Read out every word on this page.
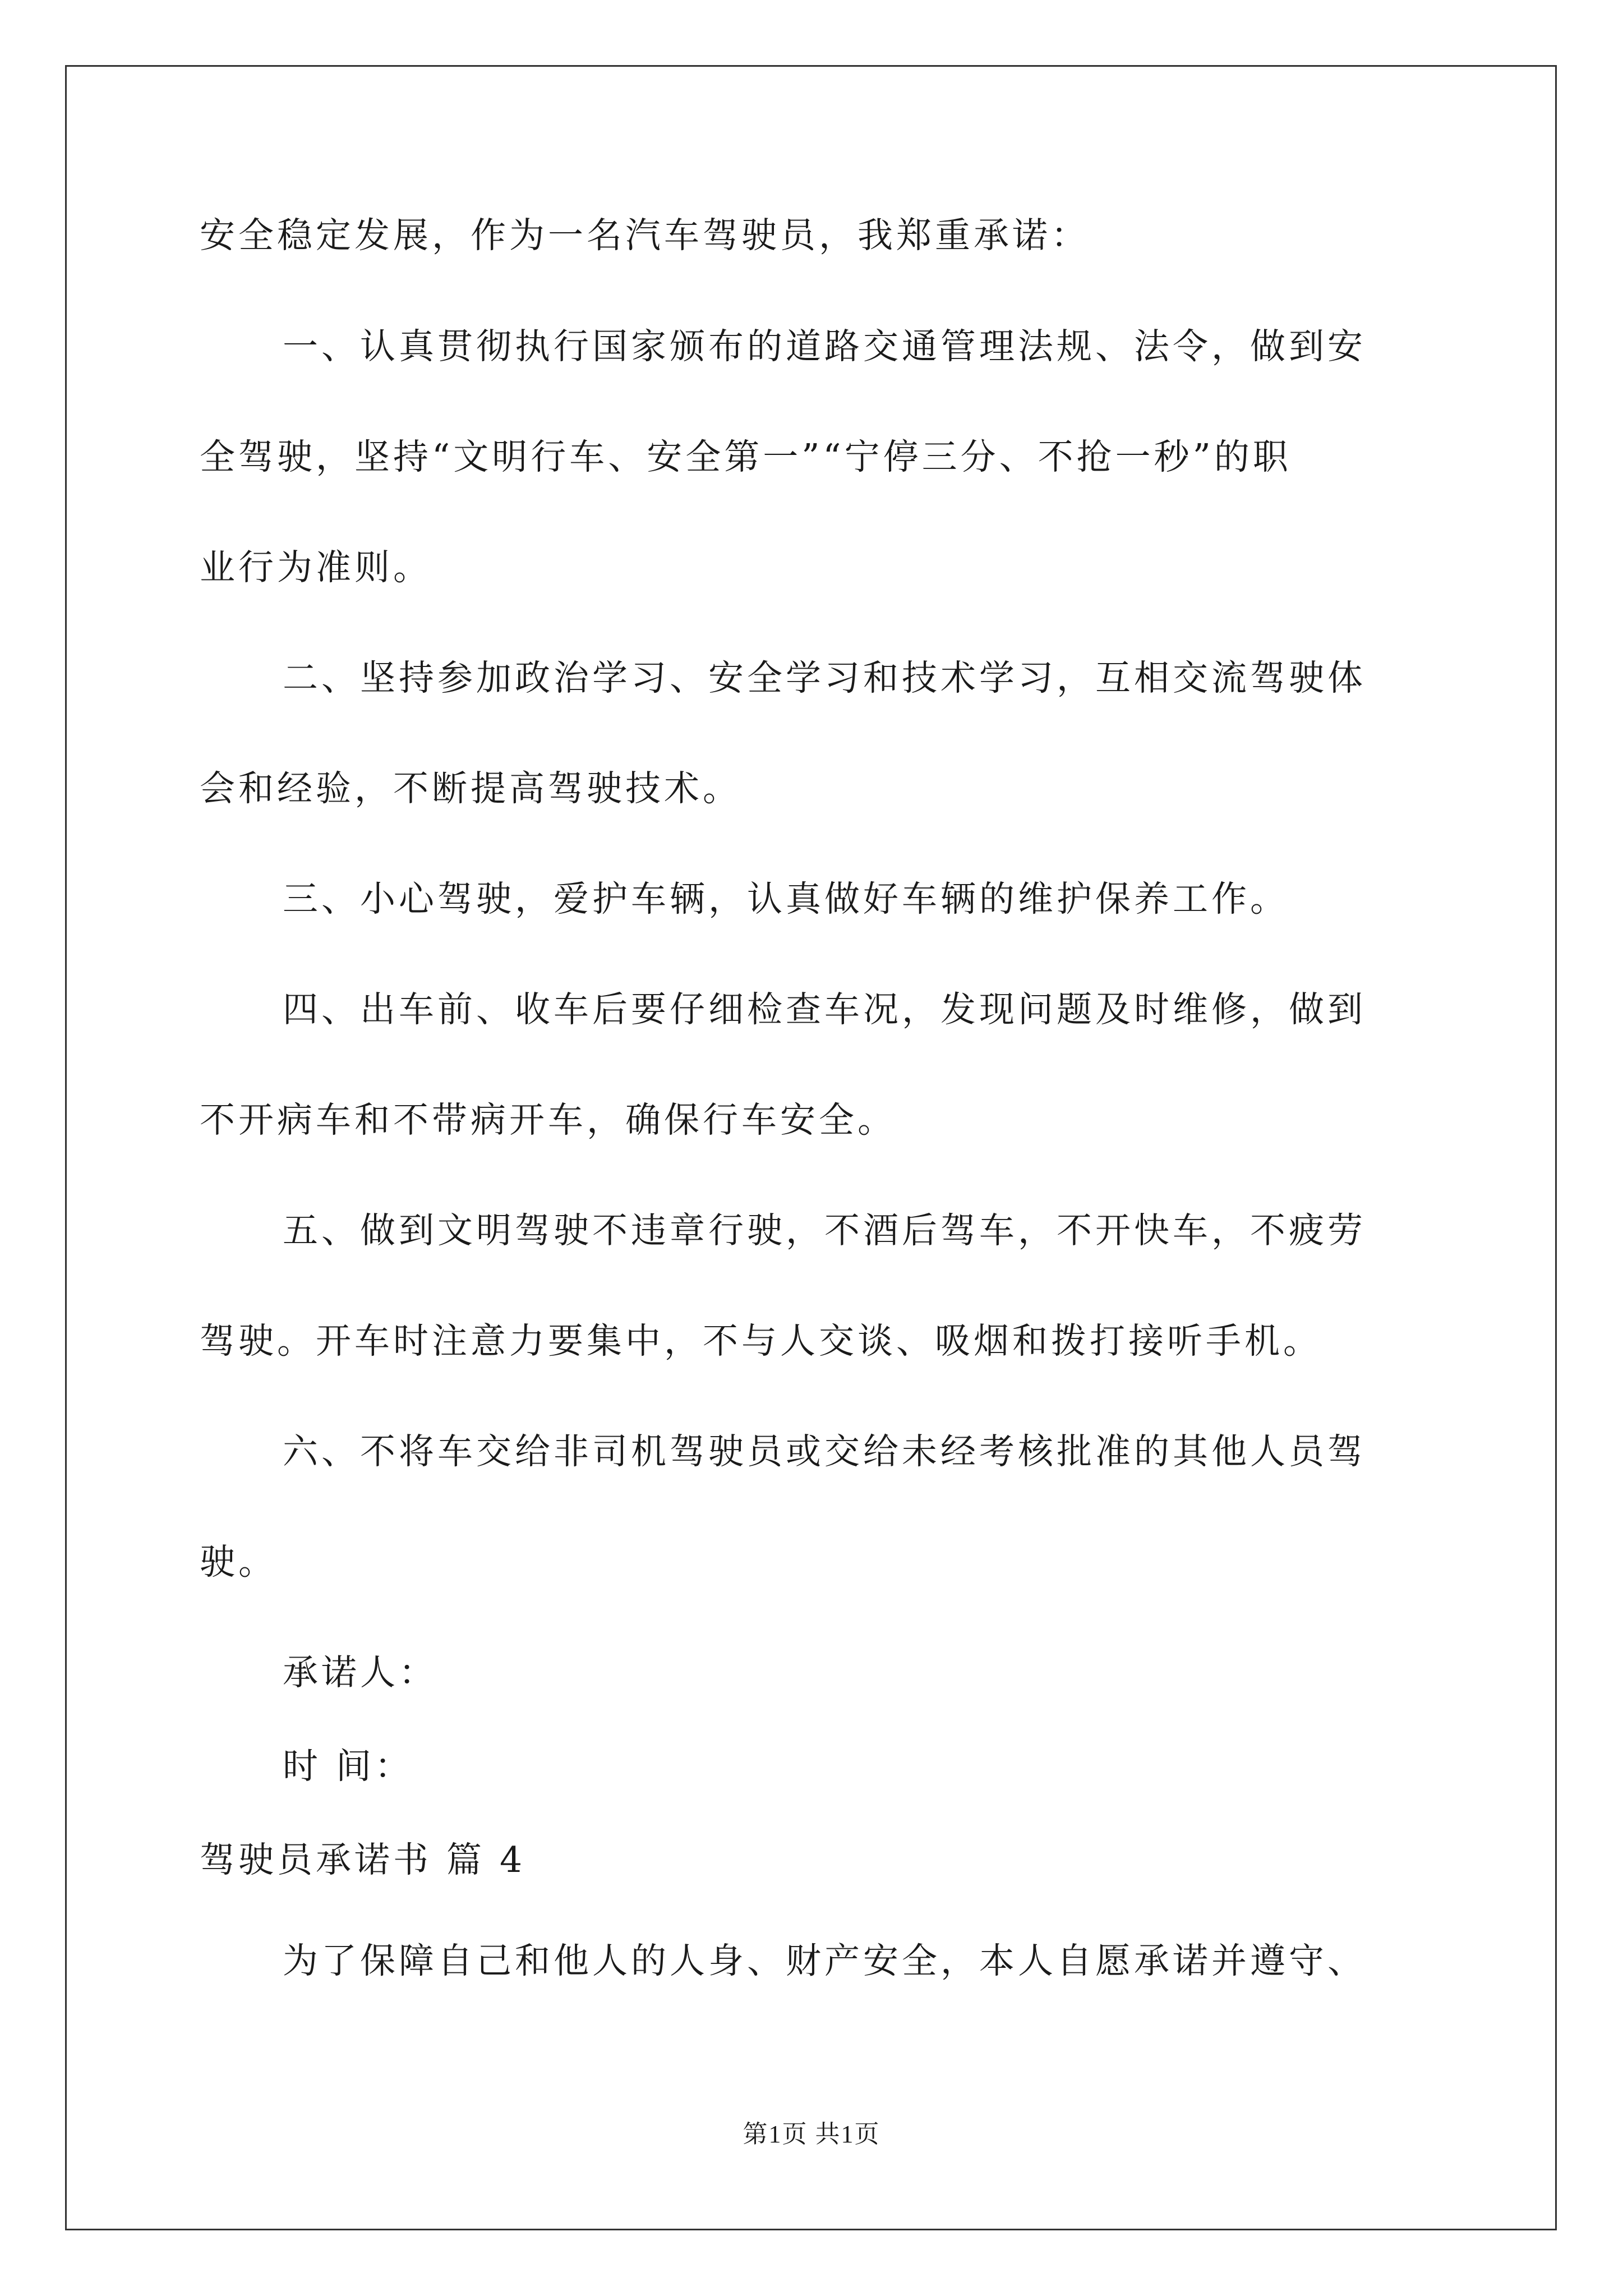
安全稳定发展，作为一名汽车驾驶员，我郑重承诺：
一、认真贯彻执行国家颁布的道路交通管理法规、法令，做到安
全驾驶，坚持“文明行车、安全第一”“宁停三分、不抢一秒”的职
业行为准则。
二、坚持参加政治学习、安全学习和技术学习，互相交流驾驶体
会和经验，不断提高驾驶技术。
三、小心驾驶，爱护车辆，认真做好车辆的维护保养工作。
四、出车前、收车后要仔细检查车况，发现问题及时维修，做到
不开病车和不带病开车，确保行车安全。
五、做到文明驾驶不违章行驶，不酒后驾车，不开快车，不疲劳
驾驶。开车时注意力要集中，不与人交谈、吸烟和拨打接听手机。
六、不将车交给非司机驾驶员或交给未经考核批准的其他人员驾
驶。
承诺人：
时 间：
驾驶员承诺书 篇 4
为了保障自己和他人的人身、财产安全，本人自愿承诺并遵守、
第1页 共1页
